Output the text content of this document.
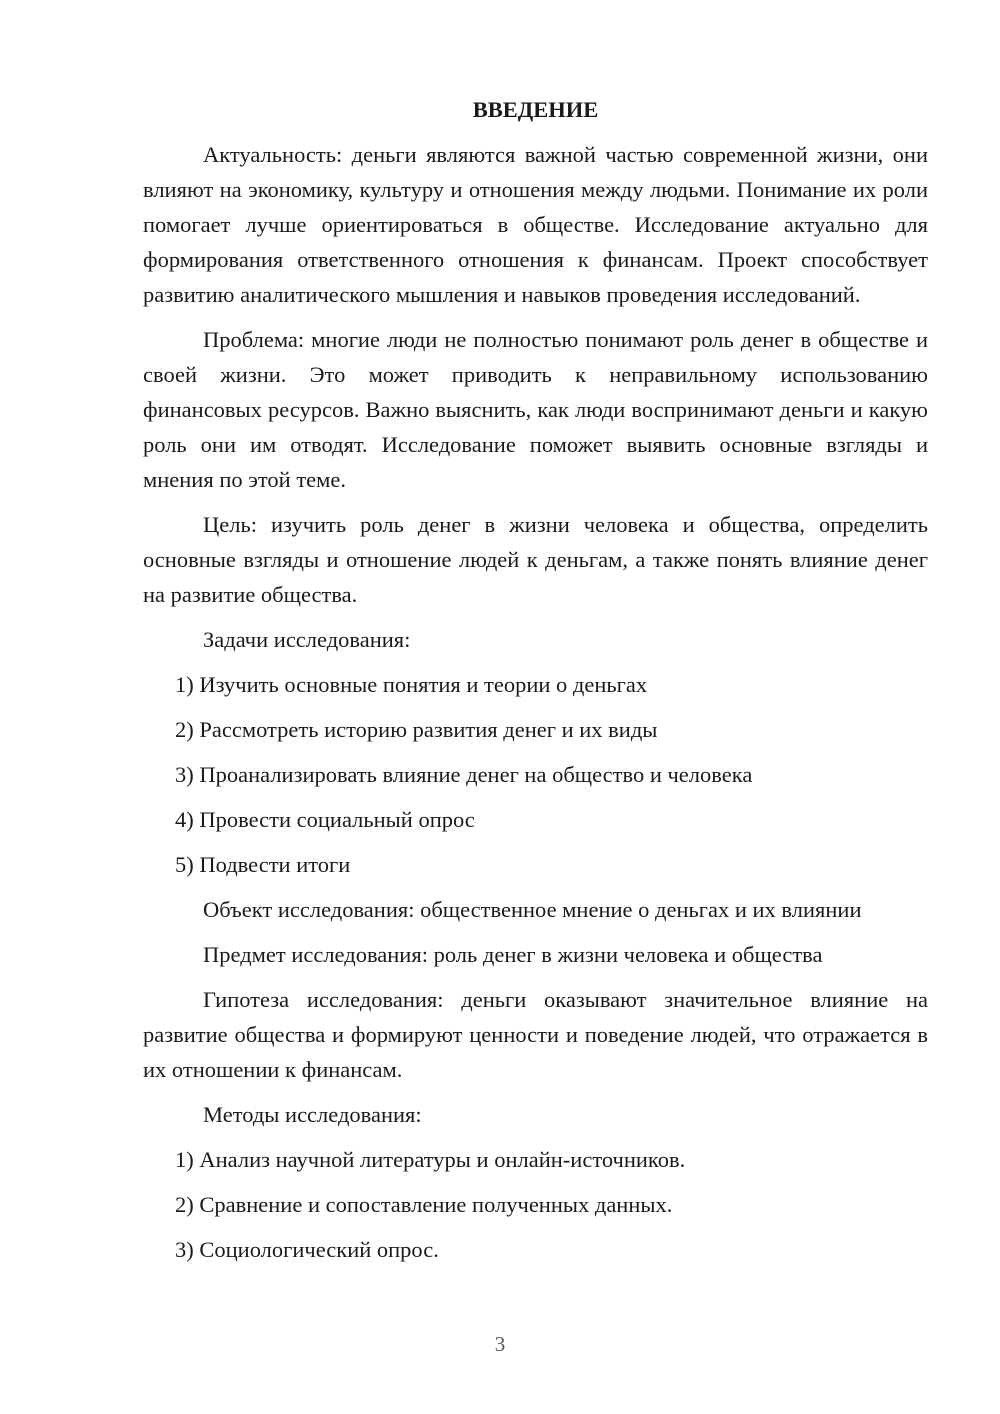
ВВЕДЕНИЕ
Актуальность: деньги являются важной частью современной жизни, они влияют на экономику, культуру и отношения между людьми. Понимание их роли помогает лучше ориентироваться в обществе. Исследование актуально для формирования ответственного отношения к финансам. Проект способствует развитию аналитического мышления и навыков проведения исследований.
Проблема: многие люди не полностью понимают роль денег в обществе и своей жизни. Это может приводить к неправильному использованию финансовых ресурсов. Важно выяснить, как люди воспринимают деньги и какую роль они им отводят. Исследование поможет выявить основные взгляды и мнения по этой теме.
Цель: изучить роль денег в жизни человека и общества, определить основные взгляды и отношение людей к деньгам, а также понять влияние денег на развитие общества.
Задачи исследования:
1) Изучить основные понятия и теории о деньгах
2) Рассмотреть историю развития денег и их виды
3) Проанализировать влияние денег на общество и человека
4) Провести социальный опрос
5) Подвести итоги
Объект исследования: общественное мнение о деньгах и их влиянии
Предмет исследования: роль денег в жизни человека и общества
Гипотеза исследования: деньги оказывают значительное влияние на развитие общества и формируют ценности и поведение людей, что отражается в их отношении к финансам.
Методы исследования:
1) Анализ научной литературы и онлайн-источников.
2) Сравнение и сопоставление полученных данных.
3) Социологический опрос.
3
